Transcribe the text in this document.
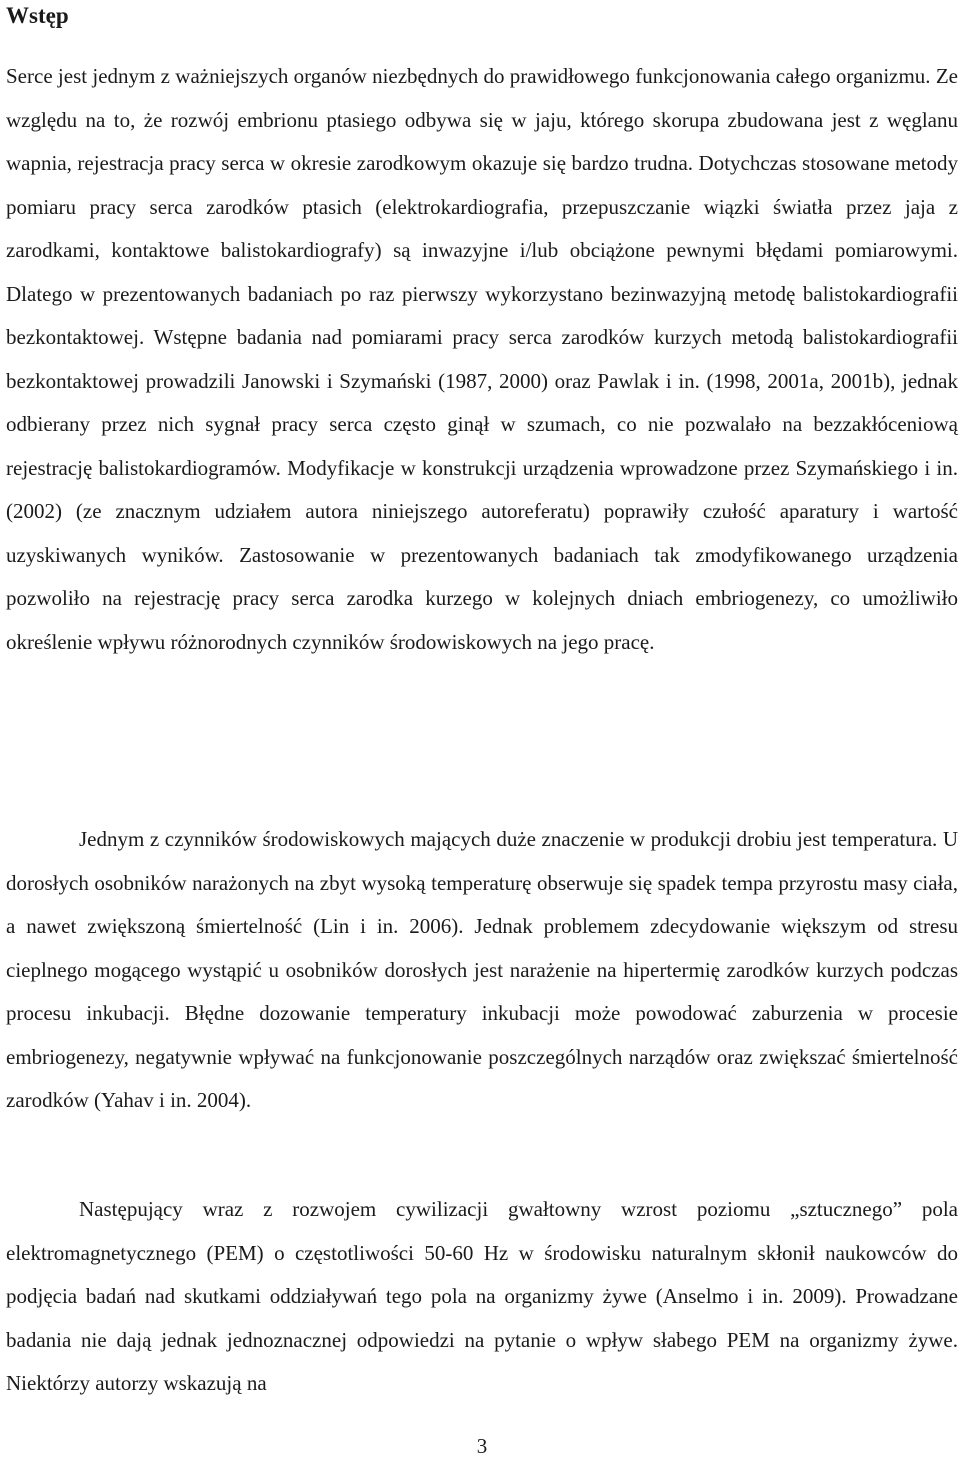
Wstęp

Serce jest jednym z ważniejszych organów niezbędnych do prawidłowego funkcjonowania całego organizmu. Ze względu na to, że rozwój embrionu ptasiego odbywa się w jaju, którego skorupa zbudowana jest z węglanu wapnia, rejestracja pracy serca w okresie zarodkowym okazuje się bardzo trudna. Dotychczas stosowane metody pomiaru pracy serca zarodków ptasich (elektrokardiografia, przepuszczanie wiązki światła przez jaja z zarodkami, kontaktowe balistokardiografy) są inwazyjne i/lub obciążone pewnymi błędami pomiarowymi. Dlatego w prezentowanych badaniach po raz pierwszy wykorzystano bezinwazyjną metodę balistokardiografii bezkontaktowej. Wstępne badania nad pomiarami pracy serca zarodków kurzych metodą balistokardiografii bezkontaktowej prowadzili Janowski i Szymański (1987, 2000) oraz Pawlak i in. (1998, 2001a, 2001b), jednak odbierany przez nich sygnał pracy serca często ginął w szumach, co nie pozwalało na bezzakłóceniową rejestrację balistokardiogramów. Modyfikacje w konstrukcji urządzenia wprowadzone przez Szymańskiego i in. (2002) (ze znacznym udziałem autora niniejszego autoreferatu) poprawiły czułość aparatury i wartość uzyskiwanych wyników. Zastosowanie w prezentowanych badaniach tak zmodyfikowanego urządzenia pozwoliło na rejestrację pracy serca zarodka kurzego w kolejnych dniach embriogenezy, co umożliwiło określenie wpływu różnorodnych czynników środowiskowych na jego pracę.

Jednym z czynników środowiskowych mających duże znaczenie w produkcji drobiu jest temperatura. U dorosłych osobników narażonych na zbyt wysoką temperaturę obserwuje się spadek tempa przyrostu masy ciała, a nawet zwiększoną śmiertelność (Lin i in. 2006). Jednak problemem zdecydowanie większym od stresu cieplnego mogącego wystąpić u osobników dorosłych jest narażenie na hipertermię zarodków kurzych podczas procesu inkubacji. Błędne dozowanie temperatury inkubacji może powodować zaburzenia w procesie embriogenezy, negatywnie wpływać na funkcjonowanie poszczególnych narządów oraz zwiększać śmiertelność zarodków (Yahav i in. 2004).

Następujący wraz z rozwojem cywilizacji gwałtowny wzrost poziomu „sztucznego” pola elektromagnetycznego (PEM) o częstotliwości 50-60 Hz w środowisku naturalnym skłonił naukowców do podjęcia badań nad skutkami oddziaływań tego pola na organizmy żywe (Anselmo i in. 2009). Prowadzane badania nie dają jednak jednoznacznej odpowiedzi na pytanie o wpływ słabego PEM na organizmy żywe. Niektórzy autorzy wskazują na

3
